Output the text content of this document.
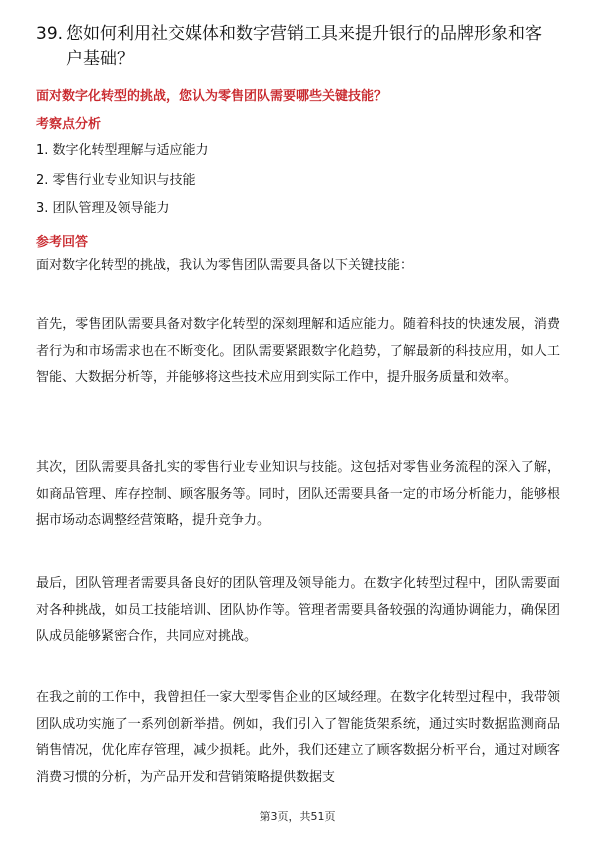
39. 您如何利用社交媒体和数字营销工具来提升银行的品牌形象和客
户基础？
面对数字化转型的挑战，您认为零售团队需要哪些关键技能？
考察点分析
1. 数字化转型理解与适应能力
2. 零售行业专业知识与技能
3. 团队管理及领导能力
参考回答
面对数字化转型的挑战，我认为零售团队需要具备以下关键技能：
首先，零售团队需要具备对数字化转型的深刻理解和适应能力。随着科技的快速发展，消费者行为和市场需求也在不断变化。团队需要紧跟数字化趋势，了解最新的科技应用，如人工智能、大数据分析等，并能够将这些技术应用到实际工作中，提升服务质量和效率。
其次，团队需要具备扎实的零售行业专业知识与技能。这包括对零售业务流程的深入了解，如商品管理、库存控制、顾客服务等。同时，团队还需要具备一定的市场分析能力，能够根据市场动态调整经营策略，提升竞争力。
最后，团队管理者需要具备良好的团队管理及领导能力。在数字化转型过程中，团队需要面对各种挑战，如员工技能培训、团队协作等。管理者需要具备较强的沟通协调能力，确保团队成员能够紧密合作，共同应对挑战。
在我之前的工作中，我曾担任一家大型零售企业的区域经理。在数字化转型过程中，我带领团队成功实施了一系列创新举措。例如，我们引入了智能货架系统，通过实时数据监测商品销售情况，优化库存管理，减少损耗。此外，我们还建立了顾客数据分析平台，通过对顾客消费习惯的分析，为产品开发和营销策略提供数据支
第3页，共51页
